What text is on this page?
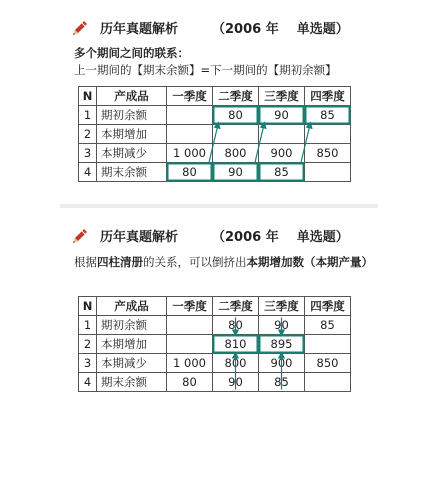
历年真题解析	（2006 年    单选题）
多个期间之间的联系：
上一期间的【期末余额】=下一期间的【期初余额】
N	产成品	一季度	二季度	三季度	四季度
1	期初余额		80	90	85
2	本期增加				
3	本期减少	1 000	800	900	850
4	期末余额	80	90	85	
历年真题解析	（2006 年    单选题）
根据四柱清册的关系，可以倒挤出本期增加数（本期产量）
N	产成品	一季度	二季度	三季度	四季度
1	期初余额		80	90	85
2	本期增加		810	895	
3	本期减少	1 000	800	900	850
4	期末余额	80	90	85	
